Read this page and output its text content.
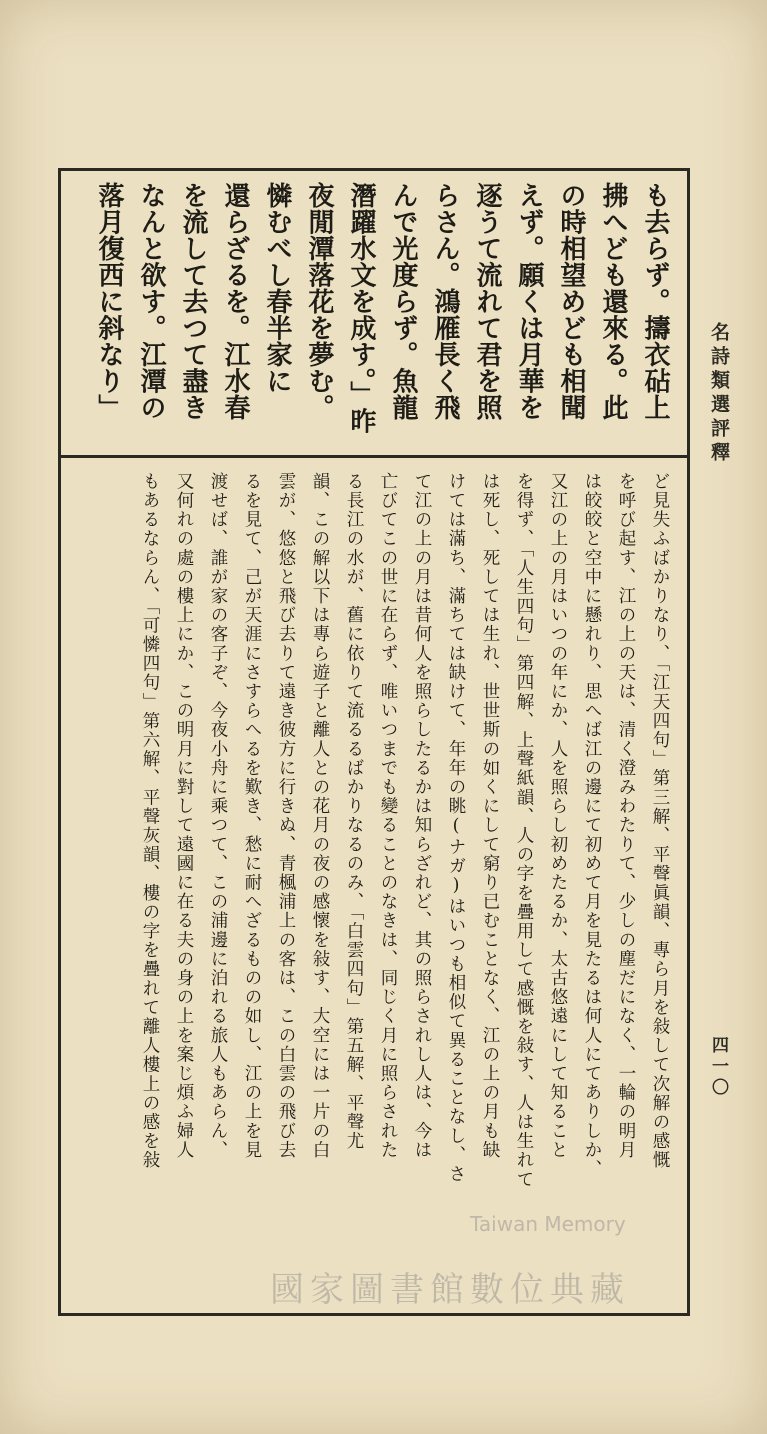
名詩類選評釋
四一〇
も去らず。擣衣砧上
拂へども還來る。此
の時相望めども相聞
えず。願くは月華を
逐うて流れて君を照
らさん。鴻雁長く飛
んで光度らず。魚龍
潛躍水文を成す。」昨
夜閒潭落花を夢む。
憐むべし春半家に
還らざるを。江水春
を流して去つて盡き
なんと欲す。江潭の
落月復西に斜なり」
ど見失ふばかりなり、「江天四句」第三解、平聲眞韻、專ら月を敍して次解の感慨
を呼び起す、江の上の天は、清く澄みわたりて、少しの塵だになく、一輪の明月
は皎皎と空中に懸れり、思へば江の邊にて初めて月を見たるは何人にてありしか、
又江の上の月はいつの年にか、人を照らし初めたるか、太古悠遠にして知ること
を得ず、「人生四句」第四解、上聲紙韻、人の字を疊用して感慨を敍す、人は生れて
は死し、死しては生れ、世世斯の如くにして窮り已むことなく、江の上の月も缺
けては滿ち、滿ちては缺けて、年年の眺(ナガ)はいつも相似て異ることなし、さ
て江の上の月は昔何人を照らしたるかは知らざれど、其の照らされし人は、今は
亡びてこの世に在らず、唯いつまでも變ることのなきは、同じく月に照らされた
る長江の水が、舊に依りて流るるばかりなるのみ、「白雲四句」第五解、平聲尤
韻、この解以下は專ら遊子と離人との花月の夜の感懷を敍す、大空には一片の白
雲が、悠悠と飛び去りて遠き彼方に行きぬ、青楓浦上の客は、この白雲の飛び去
るを見て、己が天涯にさすらへるを歎き、愁に耐へざるものの如し、江の上を見
渡せば、誰が家の客子ぞ、今夜小舟に乘つて、この浦邊に泊れる旅人もあらん、
又何れの處の樓上にか、この明月に對して遠國に在る夫の身の上を案じ煩ふ婦人
もあるならん、「可憐四句」第六解、平聲灰韻、樓の字を疊れて離人樓上の感を敍
Taiwan Memory
國家圖書館數位典藏
